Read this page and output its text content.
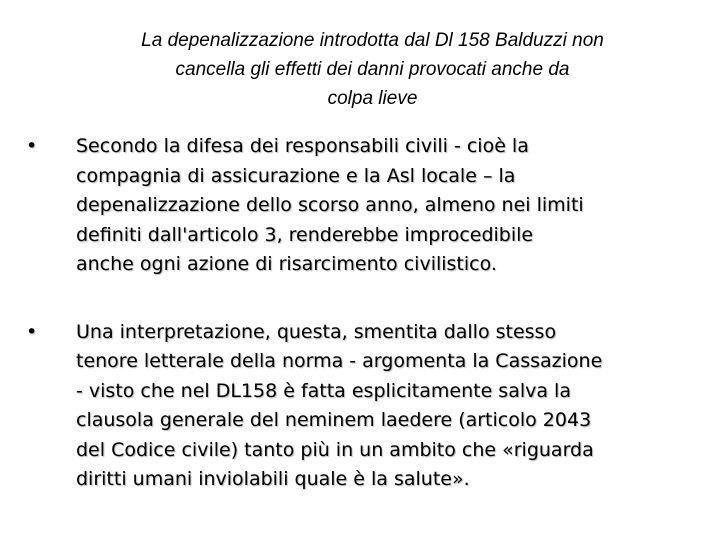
La depenalizzazione introdotta dal Dl 158 Balduzzi non
cancella gli effetti dei danni provocati anche da
colpa lieve
• Secondo la difesa dei responsabili civili - cioè la
compagnia di assicurazione e la Asl locale – la
depenalizzazione dello scorso anno, almeno nei limiti
definiti dall'articolo 3, renderebbe improcedibile
anche ogni azione di risarcimento civilistico.
• Una interpretazione, questa, smentita dallo stesso
tenore letterale della norma - argomenta la Cassazione
- visto che nel DL158 è fatta esplicitamente salva la
clausola generale del neminem laedere (articolo 2043
del Codice civile) tanto più in un ambito che «riguarda
diritti umani inviolabili quale è la salute».
